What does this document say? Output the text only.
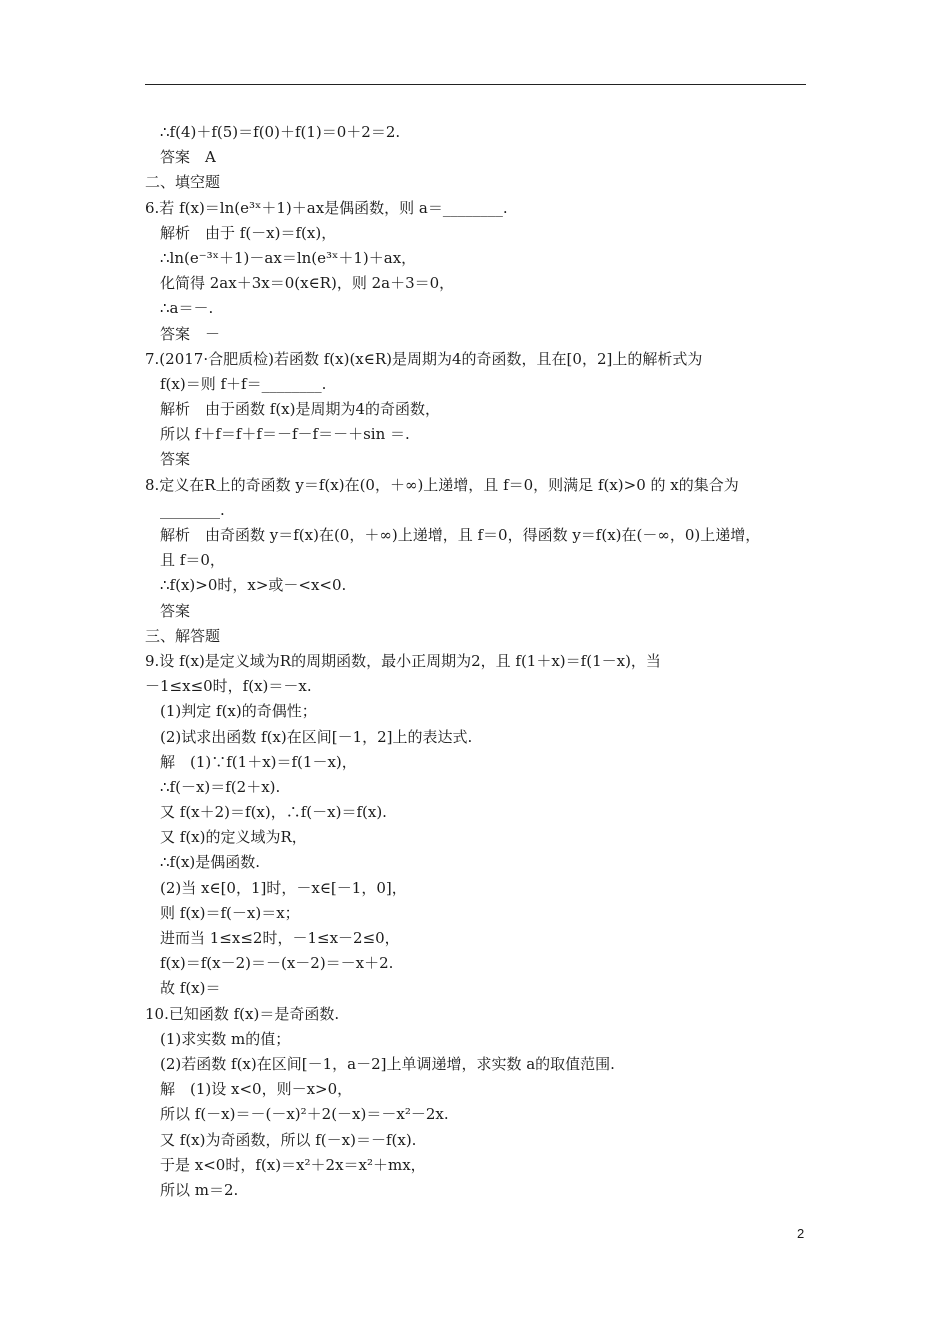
∴f(4)＋f(5)＝f(0)＋f(1)＝0＋2＝2.
答案　A
二、填空题
6.若 f(x)＝ln(e³ˣ＋1)＋ax是偶函数，则 a＝________.
解析　由于 f(－x)＝f(x)，
∴ln(e⁻³ˣ＋1)－ax＝ln(e³ˣ＋1)＋ax，
化简得 2ax＋3x＝0(x∈R)，则 2a＋3＝0，
∴a＝－.
答案　－
7.(2017·合肥质检)若函数 f(x)(x∈R)是周期为4的奇函数，且在[0，2]上的解析式为
f(x)＝则 f＋f＝________.
解析　由于函数 f(x)是周期为4的奇函数，
所以 f＋f＝f＋f＝－f－f＝－＋sin ＝.
答案
8.定义在R上的奇函数 y＝f(x)在(0，＋∞)上递增，且 f＝0，则满足 f(x)>0 的 x的集合为
________.
解析　由奇函数 y＝f(x)在(0，＋∞)上递增，且 f＝0，得函数 y＝f(x)在(－∞，0)上递增，
且 f＝0，
∴f(x)>0时，x>或－<x<0.
答案
三、解答题
9.设 f(x)是定义域为R的周期函数，最小正周期为2，且 f(1＋x)＝f(1－x)，当
－1≤x≤0时，f(x)＝－x.
(1)判定 f(x)的奇偶性；
(2)试求出函数 f(x)在区间[－1，2]上的表达式.
解　(1)∵f(1＋x)＝f(1－x)，
∴f(－x)＝f(2＋x).
又 f(x＋2)＝f(x)，∴f(－x)＝f(x).
又 f(x)的定义域为R，
∴f(x)是偶函数.
(2)当 x∈[0，1]时，－x∈[－1，0]，
则 f(x)＝f(－x)＝x；
进而当 1≤x≤2时，－1≤x－2≤0，
f(x)＝f(x－2)＝－(x－2)＝－x＋2.
故 f(x)＝
10.已知函数 f(x)＝是奇函数.
(1)求实数 m的值；
(2)若函数 f(x)在区间[－1，a－2]上单调递增，求实数 a的取值范围.
解　(1)设 x<0，则－x>0，
所以 f(－x)＝－(－x)²＋2(－x)＝－x²－2x.
又 f(x)为奇函数，所以 f(－x)＝－f(x).
于是 x<0时，f(x)＝x²＋2x＝x²＋mx，
所以 m＝2.
2
